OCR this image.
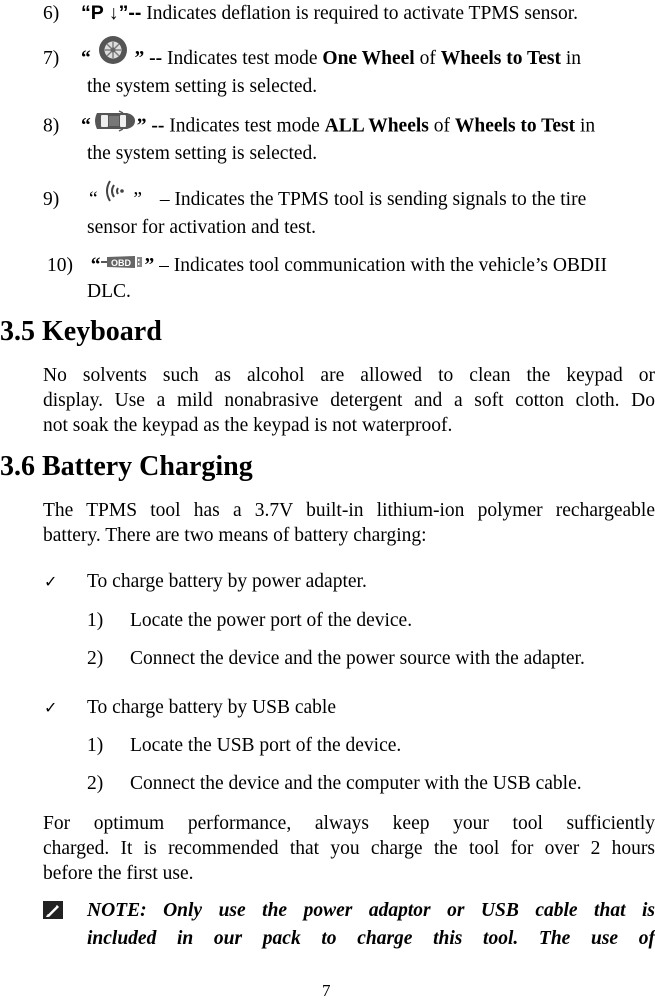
6) “P ↓”-- Indicates deflation is required to activate TPMS sensor.
7) “ ” -- Indicates test mode One Wheel of Wheels to Test in
the system setting is selected.
8) “ ” -- Indicates test mode ALL Wheels of Wheels to Test in
the system setting is selected.
9) “ ” – Indicates the TPMS tool is sending signals to the tire
sensor for activation and test.
10) “ OBD ” – Indicates tool communication with the vehicle’s OBDII
DLC.
3.5 Keyboard
No solvents such as alcohol are allowed to clean the keypad or
display. Use a mild nonabrasive detergent and a soft cotton cloth. Do
not soak the keypad as the keypad is not waterproof.
3.6 Battery Charging
The TPMS tool has a 3.7V built-in lithium-ion polymer rechargeable
battery. There are two means of battery charging:
✓ To charge battery by power adapter.
1) Locate the power port of the device.
2) Connect the device and the power source with the adapter.
✓ To charge battery by USB cable
1) Locate the USB port of the device.
2) Connect the device and the computer with the USB cable.
For optimum performance, always keep your tool sufficiently
charged. It is recommended that you charge the tool for over 2 hours
before the first use.
NOTE: Only use the power adaptor or USB cable that is
included in our pack to charge this tool. The use of
7
